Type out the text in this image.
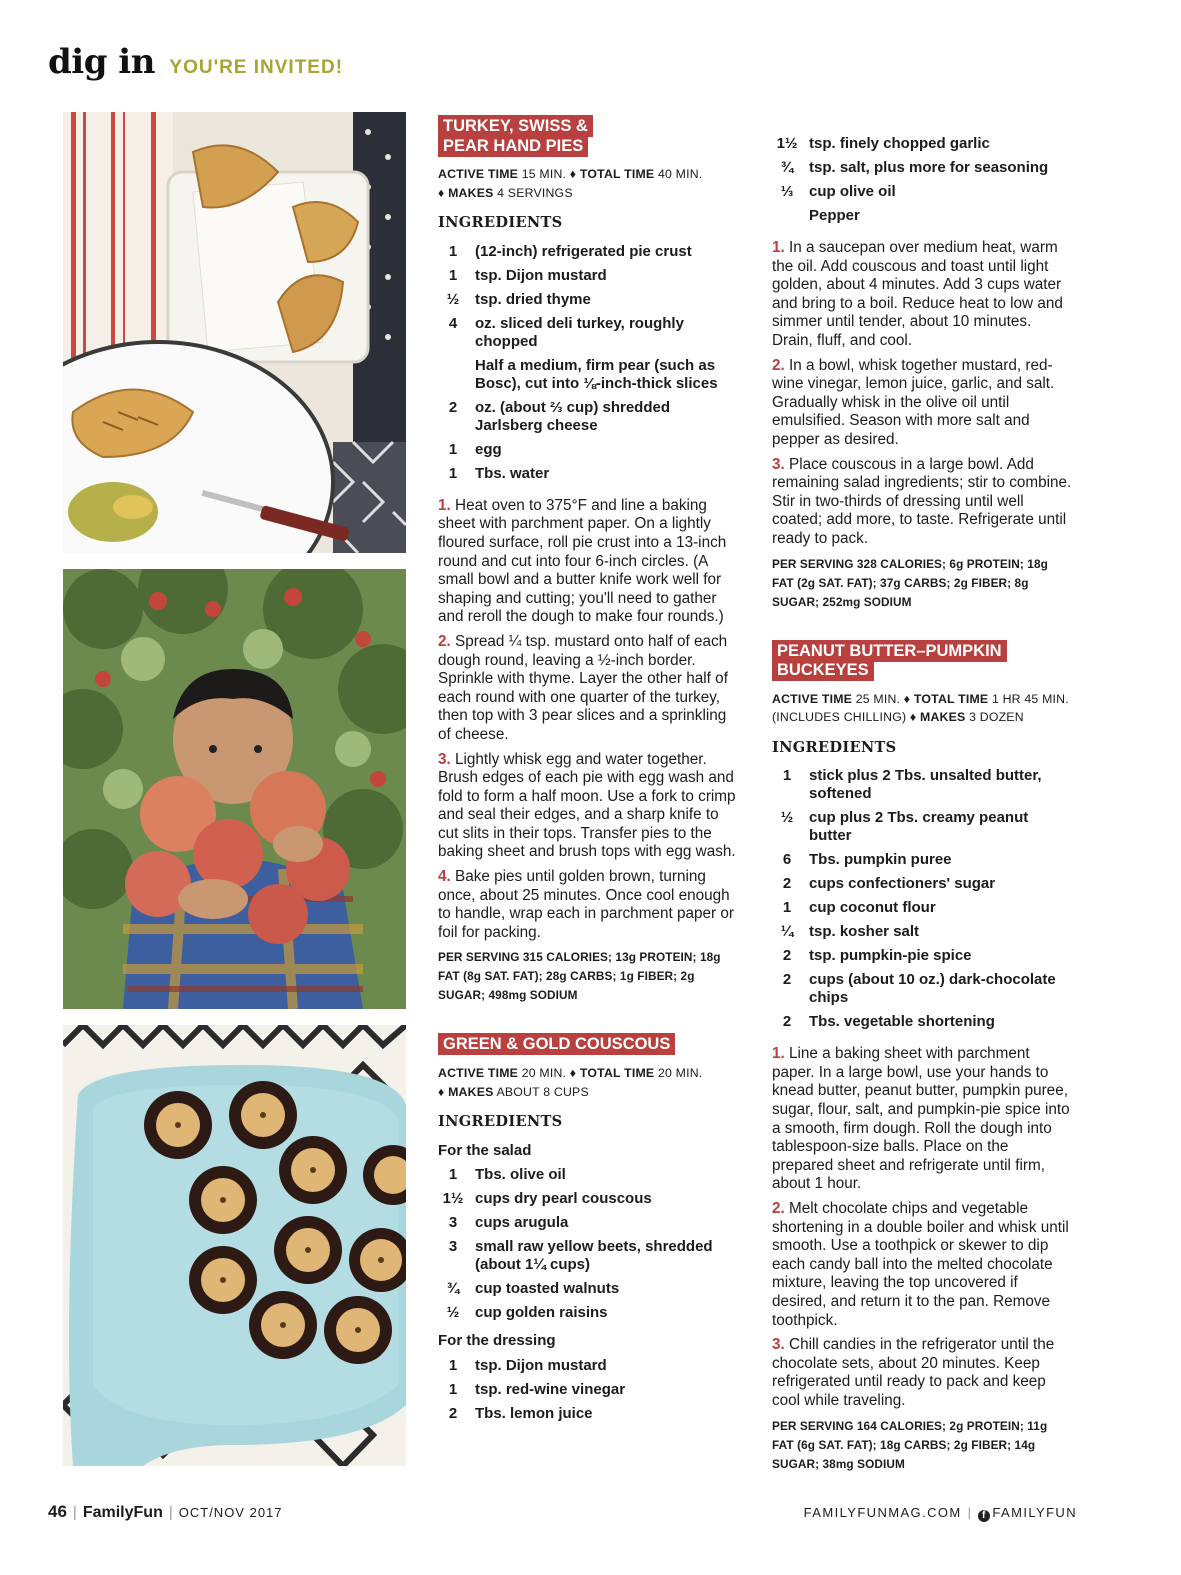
dig in YOU'RE INVITED!
TURKEY, SWISS & PEAR HAND PIES
ACTIVE TIME 15 MIN. ♦ TOTAL TIME 40 MIN.
♦ MAKES 4 SERVINGS
INGREDIENTS
1	(12-inch) refrigerated pie crust
1	tsp. Dijon mustard
½	tsp. dried thyme
4	oz. sliced deli turkey, roughly chopped
Half a medium, firm pear (such as Bosc), cut into ⅛-inch-thick slices
2	oz. (about ⅔ cup) shredded Jarlsberg cheese
1	egg
1	Tbs. water
1. Heat oven to 375°F and line a baking sheet with parchment paper. On a lightly floured surface, roll pie crust into a 13-inch round and cut into four 6-inch circles. (A small bowl and a butter knife work well for shaping and cutting; you'll need to gather and reroll the dough to make four rounds.)
2. Spread ¼ tsp. mustard onto half of each dough round, leaving a ½-inch border. Sprinkle with thyme. Layer the other half of each round with one quarter of the turkey, then top with 3 pear slices and a sprinkling of cheese.
3. Lightly whisk egg and water together. Brush edges of each pie with egg wash and fold to form a half moon. Use a fork to crimp and seal their edges, and a sharp knife to cut slits in their tops. Transfer pies to the baking sheet and brush tops with egg wash.
4. Bake pies until golden brown, turning once, about 25 minutes. Once cool enough to handle, wrap each in parchment paper or foil for packing.
PER SERVING 315 CALORIES; 13g PROTEIN; 18g FAT (8g SAT. FAT); 28g CARBS; 1g FIBER; 2g SUGAR; 498mg SODIUM
GREEN & GOLD COUSCOUS
ACTIVE TIME 20 MIN. ♦ TOTAL TIME 20 MIN.
♦ MAKES ABOUT 8 CUPS
INGREDIENTS
For the salad
1	Tbs. olive oil
1½ cups dry pearl couscous
3	cups arugula
3	small raw yellow beets, shredded (about 1¼ cups)
¾	cup toasted walnuts
½	cup golden raisins
For the dressing
1	tsp. Dijon mustard
1	tsp. red-wine vinegar
2	Tbs. lemon juice
1½ tsp. finely chopped garlic
¾	tsp. salt, plus more for seasoning
⅓	cup olive oil
Pepper
1. In a saucepan over medium heat, warm the oil. Add couscous and toast until light golden, about 4 minutes. Add 3 cups water and bring to a boil. Reduce heat to low and simmer until tender, about 10 minutes. Drain, fluff, and cool.
2. In a bowl, whisk together mustard, red-wine vinegar, lemon juice, garlic, and salt. Gradually whisk in the olive oil until emulsified. Season with more salt and pepper as desired.
3. Place couscous in a large bowl. Add remaining salad ingredients; stir to combine. Stir in two-thirds of dressing until well coated; add more, to taste. Refrigerate until ready to pack.
PER SERVING 328 CALORIES; 6g PROTEIN; 18g FAT (2g SAT. FAT); 37g CARBS; 2g FIBER; 8g SUGAR; 252mg SODIUM
PEANUT BUTTER–PUMPKIN BUCKEYES
ACTIVE TIME 25 MIN. ♦ TOTAL TIME 1 HR 45 MIN. (INCLUDES CHILLING) ♦ MAKES 3 DOZEN
INGREDIENTS
1	stick plus 2 Tbs. unsalted butter, softened
½	cup plus 2 Tbs. creamy peanut butter
6	Tbs. pumpkin puree
2	cups confectioners' sugar
1	cup coconut flour
¼	tsp. kosher salt
2	tsp. pumpkin-pie spice
2	cups (about 10 oz.) dark-chocolate chips
2	Tbs. vegetable shortening
1. Line a baking sheet with parchment paper. In a large bowl, use your hands to knead butter, peanut butter, pumpkin puree, sugar, flour, salt, and pumpkin-pie spice into a smooth, firm dough. Roll the dough into tablespoon-size balls. Place on the prepared sheet and refrigerate until firm, about 1 hour.
2. Melt chocolate chips and vegetable shortening in a double boiler and whisk until smooth. Use a toothpick or skewer to dip each candy ball into the melted chocolate mixture, leaving the top uncovered if desired, and return it to the pan. Remove toothpick.
3. Chill candies in the refrigerator until the chocolate sets, about 20 minutes. Keep refrigerated until ready to pack and keep cool while traveling.
PER SERVING 164 CALORIES; 2g PROTEIN; 11g FAT (6g SAT. FAT); 18g CARBS; 2g FIBER; 14g SUGAR; 38mg SODIUM
46 | FamilyFun | OCT/NOV 2017	FAMILYFUNMAG.COM | f FAMILYFUN
